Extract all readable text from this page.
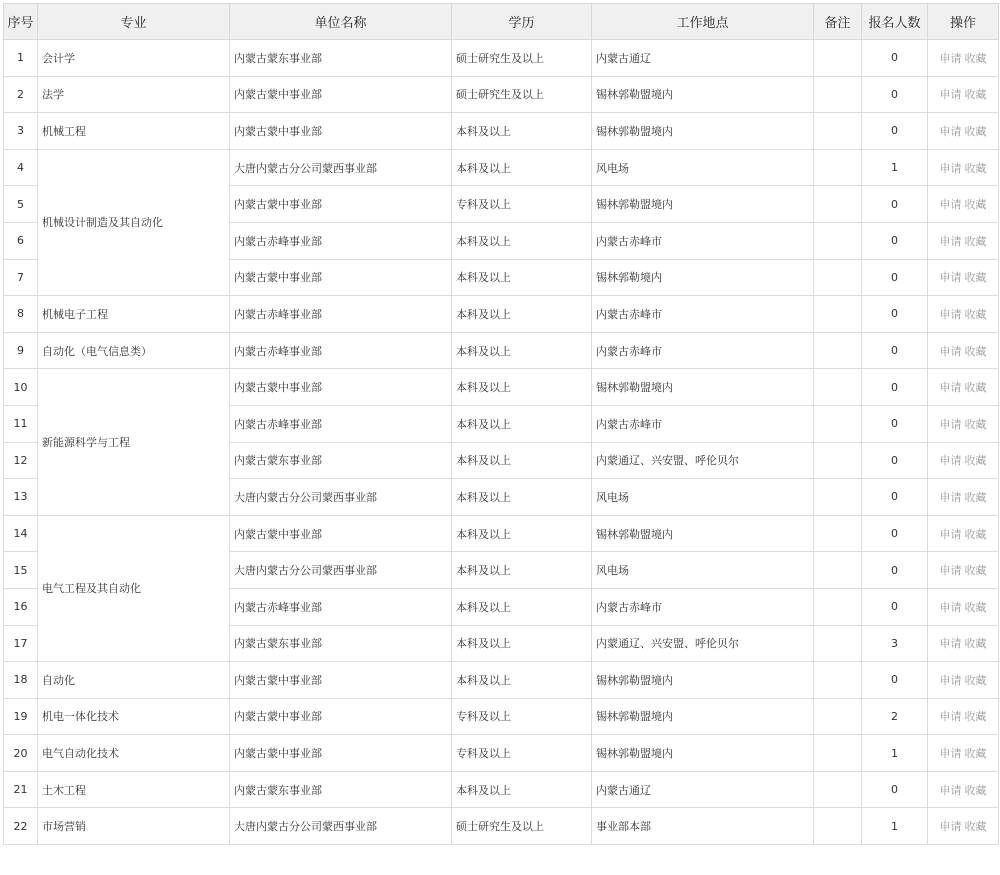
序号	专业	单位名称	学历	工作地点	备注	报名人数	操作
1	会计学	内蒙古蒙东事业部	硕士研究生及以上	内蒙古通辽		0	申请 收藏
2	法学	内蒙古蒙中事业部	硕士研究生及以上	锡林郭勒盟境内		0	申请 收藏
3	机械工程	内蒙古蒙中事业部	本科及以上	锡林郭勒盟境内		0	申请 收藏
4	机械设计制造及其自动化	大唐内蒙古分公司蒙西事业部	本科及以上	风电场		1	申请 收藏
5		内蒙古蒙中事业部	专科及以上	锡林郭勒盟境内		0	申请 收藏
6		内蒙古赤峰事业部	本科及以上	内蒙古赤峰市		0	申请 收藏
7		内蒙古蒙中事业部	本科及以上	锡林郭勒境内		0	申请 收藏
8	机械电子工程	内蒙古赤峰事业部	本科及以上	内蒙古赤峰市		0	申请 收藏
9	自动化（电气信息类）	内蒙古赤峰事业部	本科及以上	内蒙古赤峰市		0	申请 收藏
10	新能源科学与工程	内蒙古蒙中事业部	本科及以上	锡林郭勒盟境内		0	申请 收藏
11		内蒙古赤峰事业部	本科及以上	内蒙古赤峰市		0	申请 收藏
12		内蒙古蒙东事业部	本科及以上	内蒙通辽、兴安盟、呼伦贝尔		0	申请 收藏
13		大唐内蒙古分公司蒙西事业部	本科及以上	风电场		0	申请 收藏
14	电气工程及其自动化	内蒙古蒙中事业部	本科及以上	锡林郭勒盟境内		0	申请 收藏
15		大唐内蒙古分公司蒙西事业部	本科及以上	风电场		0	申请 收藏
16		内蒙古赤峰事业部	本科及以上	内蒙古赤峰市		0	申请 收藏
17		内蒙古蒙东事业部	本科及以上	内蒙通辽、兴安盟、呼伦贝尔		3	申请 收藏
18	自动化	内蒙古蒙中事业部	本科及以上	锡林郭勒盟境内		0	申请 收藏
19	机电一体化技术	内蒙古蒙中事业部	专科及以上	锡林郭勒盟境内		2	申请 收藏
20	电气自动化技术	内蒙古蒙中事业部	专科及以上	锡林郭勒盟境内		1	申请 收藏
21	土木工程	内蒙古蒙东事业部	本科及以上	内蒙古通辽		0	申请 收藏
22	市场营销	大唐内蒙古分公司蒙西事业部	硕士研究生及以上	事业部本部		1	申请 收藏
